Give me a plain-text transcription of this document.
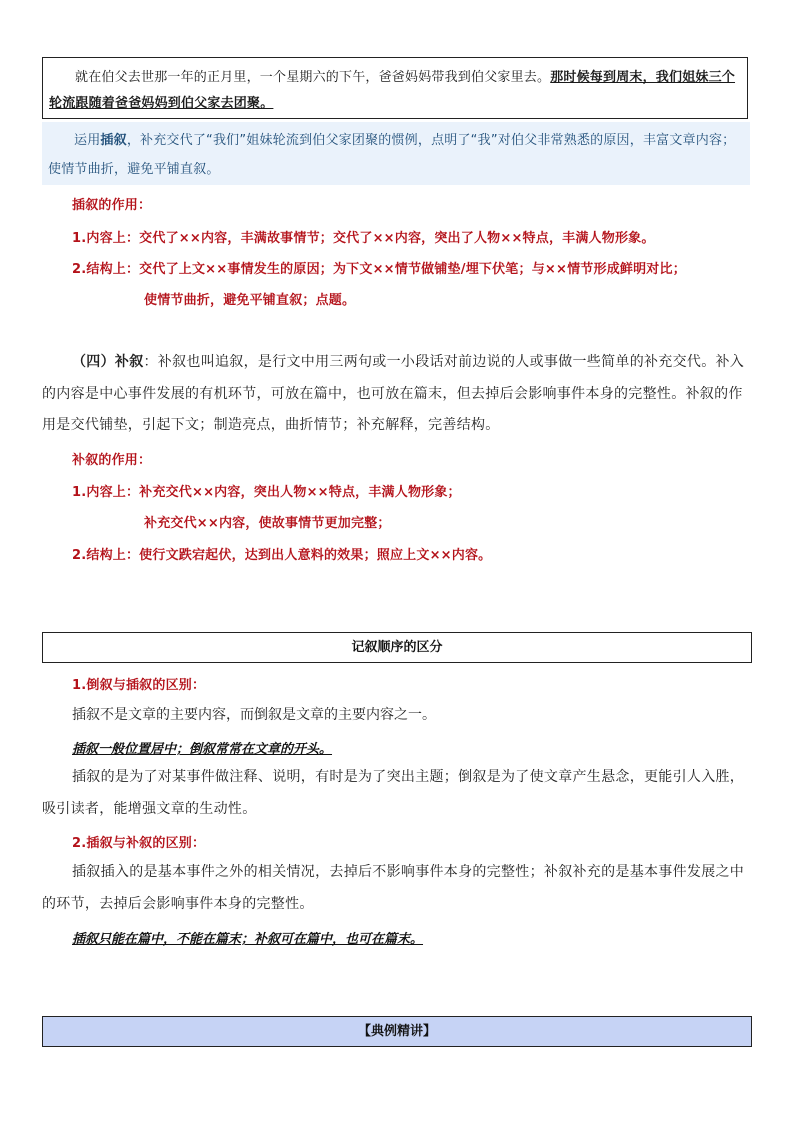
就在伯父去世那一年的正月里，一个星期六的下午，爸爸妈妈带我到伯父家里去。那时候每到周末，我们姐妹三个轮流跟随着爸爸妈妈到伯父家去团聚。
运用插叙，补充交代了“我们”姐妹轮流到伯父家团聚的惯例，点明了“我”对伯父非常熟悉的原因，丰富文章内容；使情节曲折，避免平铺直叙。
插叙的作用：
1.内容上：交代了××内容，丰满故事情节；交代了××内容，突出了人物××特点，丰满人物形象。
2.结构上：交代了上文××事情发生的原因；为下文××情节做铺垫/埋下伏笔；与××情节形成鲜明对比；
使情节曲折，避免平铺直叙；点题。
（四）补叙：补叙也叫追叙，是行文中用三两句或一小段话对前边说的人或事做一些简单的补充交代。补入的内容是中心事件发展的有机环节，可放在篇中，也可放在篇末，但去掉后会影响事件本身的完整性。补叙的作用是交代铺垫，引起下文；制造亮点，曲折情节；补充解释，完善结构。
补叙的作用：
1.内容上：补充交代××内容，突出人物××特点，丰满人物形象；
补充交代××内容，使故事情节更加完整；
2.结构上：使行文跌宕起伏，达到出人意料的效果；照应上文××内容。
记叙顺序的区分
1.倒叙与插叙的区别：
插叙不是文章的主要内容，而倒叙是文章的主要内容之一。
插叙一般位置居中；倒叙常常在文章的开头。
插叙的是为了对某事件做注释、说明，有时是为了突出主题；倒叙是为了使文章产生悬念，更能引人入胜，吸引读者，能增强文章的生动性。
2.插叙与补叙的区别：
插叙插入的是基本事件之外的相关情况，去掉后不影响事件本身的完整性；补叙补充的是基本事件发展之中的环节，去掉后会影响事件本身的完整性。
插叙只能在篇中，不能在篇末；补叙可在篇中，也可在篇末。
【典例精讲】
